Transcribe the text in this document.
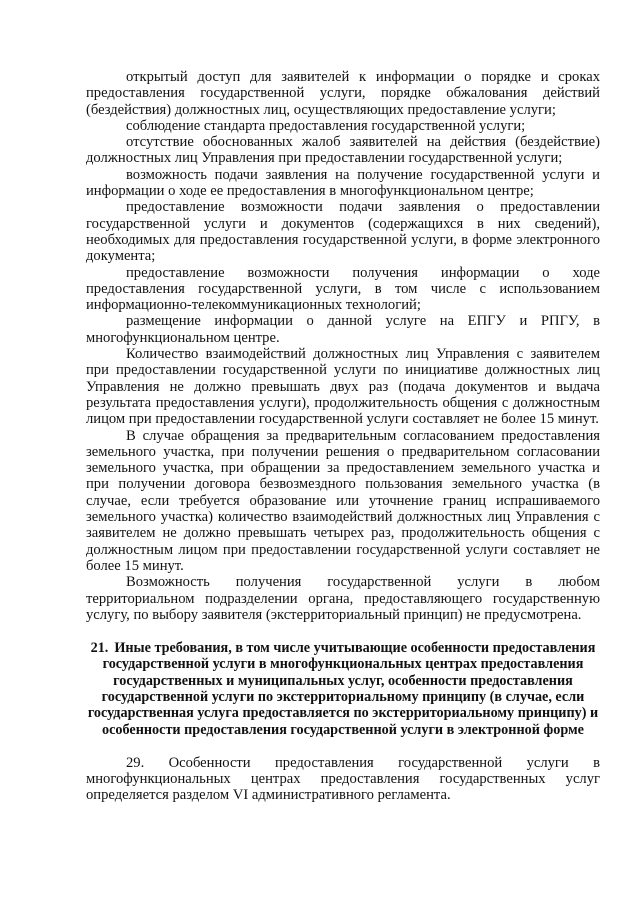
открытый доступ для заявителей к информации о порядке и сроках предоставления государственной услуги, порядке обжалования действий (бездействия) должностных лиц, осуществляющих предоставление услуги;

соблюдение стандарта предоставления государственной услуги;

отсутствие обоснованных жалоб заявителей на действия (бездействие) должностных лиц Управления при предоставлении государственной услуги;

возможность подачи заявления на получение государственной услуги и информации о ходе ее предоставления в многофункциональном центре;

предоставление возможности подачи заявления о предоставлении государственной услуги и документов (содержащихся в них сведений), необходимых для предоставления государственной услуги, в форме электронного документа;

предоставление возможности получения информации о ходе предоставления государственной услуги, в том числе с использованием информационно-телекоммуникационных технологий;

размещение информации о данной услуге на ЕПГУ и РПГУ, в многофункциональном центре.

Количество взаимодействий должностных лиц Управления с заявителем при предоставлении государственной услуги по инициативе должностных лиц Управления не должно превышать двух раз (подача документов и выдача результата предоставления услуги), продолжительность общения с должностным лицом при предоставлении государственной услуги составляет не более 15 минут.

В случае обращения за предварительным согласованием предоставления земельного участка, при получении решения о предварительном согласовании земельного участка, при обращении за предоставлением земельного участка и при получении договора безвозмездного пользования земельного участка (в случае, если требуется образование или уточнение границ испрашиваемого земельного участка) количество взаимодействий должностных лиц Управления с заявителем не должно превышать четырех раз, продолжительность общения с должностным лицом при предоставлении государственной услуги составляет не более 15 минут.

Возможность получения государственной услуги в любом территориальном подразделении органа, предоставляющего государственную услугу, по выбору заявителя (экстерриториальный принцип) не предусмотрена.

21. Иные требования, в том числе учитывающие особенности предоставления государственной услуги в многофункциональных центрах предоставления государственных и муниципальных услуг, особенности предоставления государственной услуги по экстерриториальному принципу (в случае, если государственная услуга предоставляется по экстерриториальному принципу) и особенности предоставления государственной услуги в электронной форме

29. Особенности предоставления государственной услуги в многофункциональных центрах предоставления государственных услуг определяется разделом VI административного регламента.
